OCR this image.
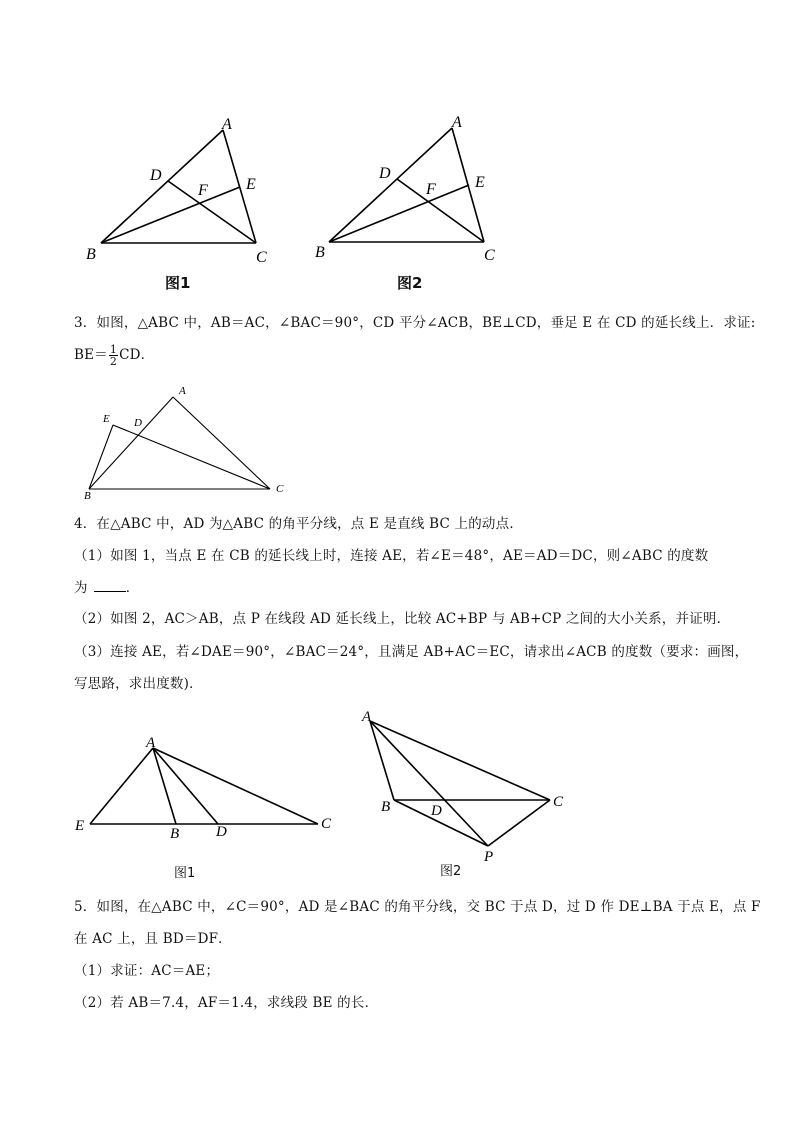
A
B	C
D
E
F
图1
A
B	C
D
E
F
图2
3．如图，△ABC 中，AB＝AC，∠BAC＝90°，CD 平分∠ACB，BE⊥CD，垂足 E 在 CD 的延长线上．求证:
$BE= \frac{1}{2}$ CD．
A
B
C
D
E
4．在△ABC 中，AD 为△ABC 的角平分线，点 E 是直线 BC 上的动点．
（1）如图 1，当点 E 在 CB 的延长线上时，连接 AE，若∠E＝48°，AE＝AD＝DC，则∠ABC 的度数
为	．
（2）如图 2，AC＞AB，点 P 在线段 AD 延长线上，比较 AC+BP 与 AB+CP 之间的大小关系，并证明．
（3）连接 AE，若∠DAE＝90°，∠BAC＝24°，且满足 AB+AC＝EC，请求出∠ACB 的度数（要求：画图，
写思路，求出度数)．
A
E	B D	C
图1
A
B	C
D
P
图2
5．如图，在△ABC 中，∠C＝90°，AD 是∠BAC 的角平分线，交 BC 于点 D，过 D 作 DE⊥BA 于点 E，点 F
在 AC 上，且 BD＝DF．
（1）求证：AC＝AE；
（2）若 AB＝7.4，AF＝1.4，求线段 BE 的长．
